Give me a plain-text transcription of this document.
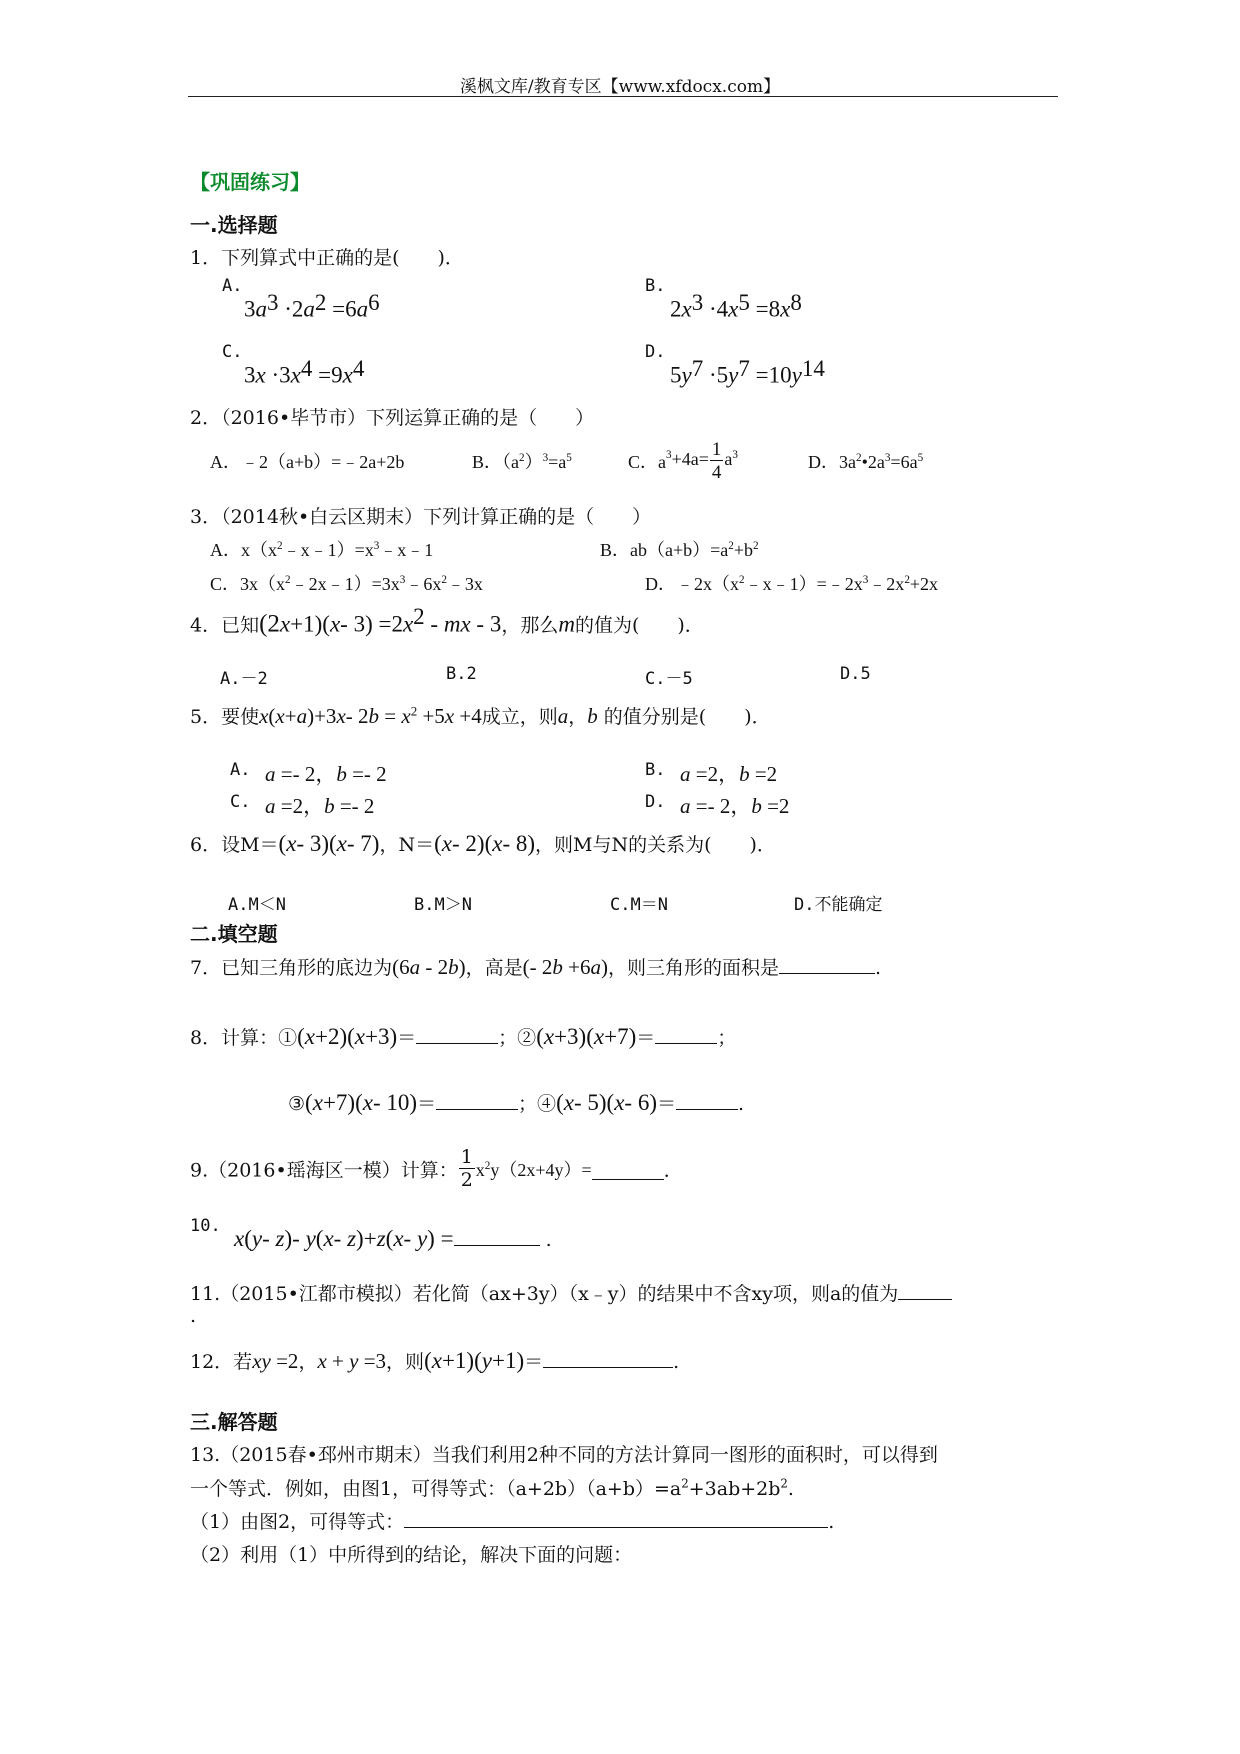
溪枫文库/教育专区【www.xfdocx.com】
【巩固练习】
一.选择题
1．下列算式中正确的是(　　)．
A.
$3a^3 \cdot 2a^2 =6a^6$
B.
$2x^3 \cdot 4x^5 =8x^8$
C.
$3x \cdot 3x^4 =9x^4$
D.
$5y^7 \cdot 5y^7 =10y^{14}$
2．（2016•毕节市）下列运算正确的是（　　）
A．﹣2（a+b）=﹣2a+2b	B．$(a^2)^3=a^5$	C．$a^3+4a= \frac{1}{4} a^3$	D．$3a^2•2a^3=6a^5$
3．（2014秋•白云区期末）下列计算正确的是（　　）
A．$x(x^2﹣x﹣1)=x^3﹣x﹣1$	B．$ab(a+b)=a^2+b^2$
C．$3x(x^2﹣2x﹣1)=3x^3﹣6x^2﹣3x$	D．$﹣2x(x^2﹣x﹣1)=﹣2x^3﹣2x^2+2x$
4．已知(2x+1)(x- $3) =2x^2$ - mx - 3，那么m的值为(　　)．
A.－2	B.2	C.－5	D.5
5．要使x(x+a)+3x- $2b = x^2 +5x +4$成立，则a，b 的值分别是(　　)．
A. a =- 2，b =- 2	B. a =2，b =2
C. a =2，b =- 2	D. a =- 2，b =2
6．设M＝(x- 3)(x- 7)，N＝(x- 2)(x- 8)，则M与N的关系为(　　)．
A.M＜N	B.M＞N	C.M＝N	D.不能确定
二.填空题
7．已知三角形的底边为(6a - 2b)，高是(- 2b +6a)，则三角形的面积是	.
8．计算：①(x+2)(x+3)＝	；②(x+3)(x+7)＝	；
③(x+7)(x- 10)＝	；④(x- 5)(x- 6)＝	.
9.（2016•瑶海区一模）计算： $\frac{1}{2} x^2y(2x+4y)=$	．
10. x(y- z)- y(x- z)+z(x- y) =	.
11.（2015•江都市模拟）若化简（ax+3y）（x﹣y）的结果中不含xy项，则a的值为
.
12．若xy =2，x + y =3，则(x+1)(y+1)＝	.
三.解答题
13.（2015春•邳州市期末）当我们利用2种不同的方法计算同一图形的面积时，可以得到
一个等式．例如，由图1，可得等式：$(a+2b)(a+b)=a^2+3ab+2b^2$.
（1）由图2，可得等式：	.
（2）利用（1）中所得到的结论，解决下面的问题：
